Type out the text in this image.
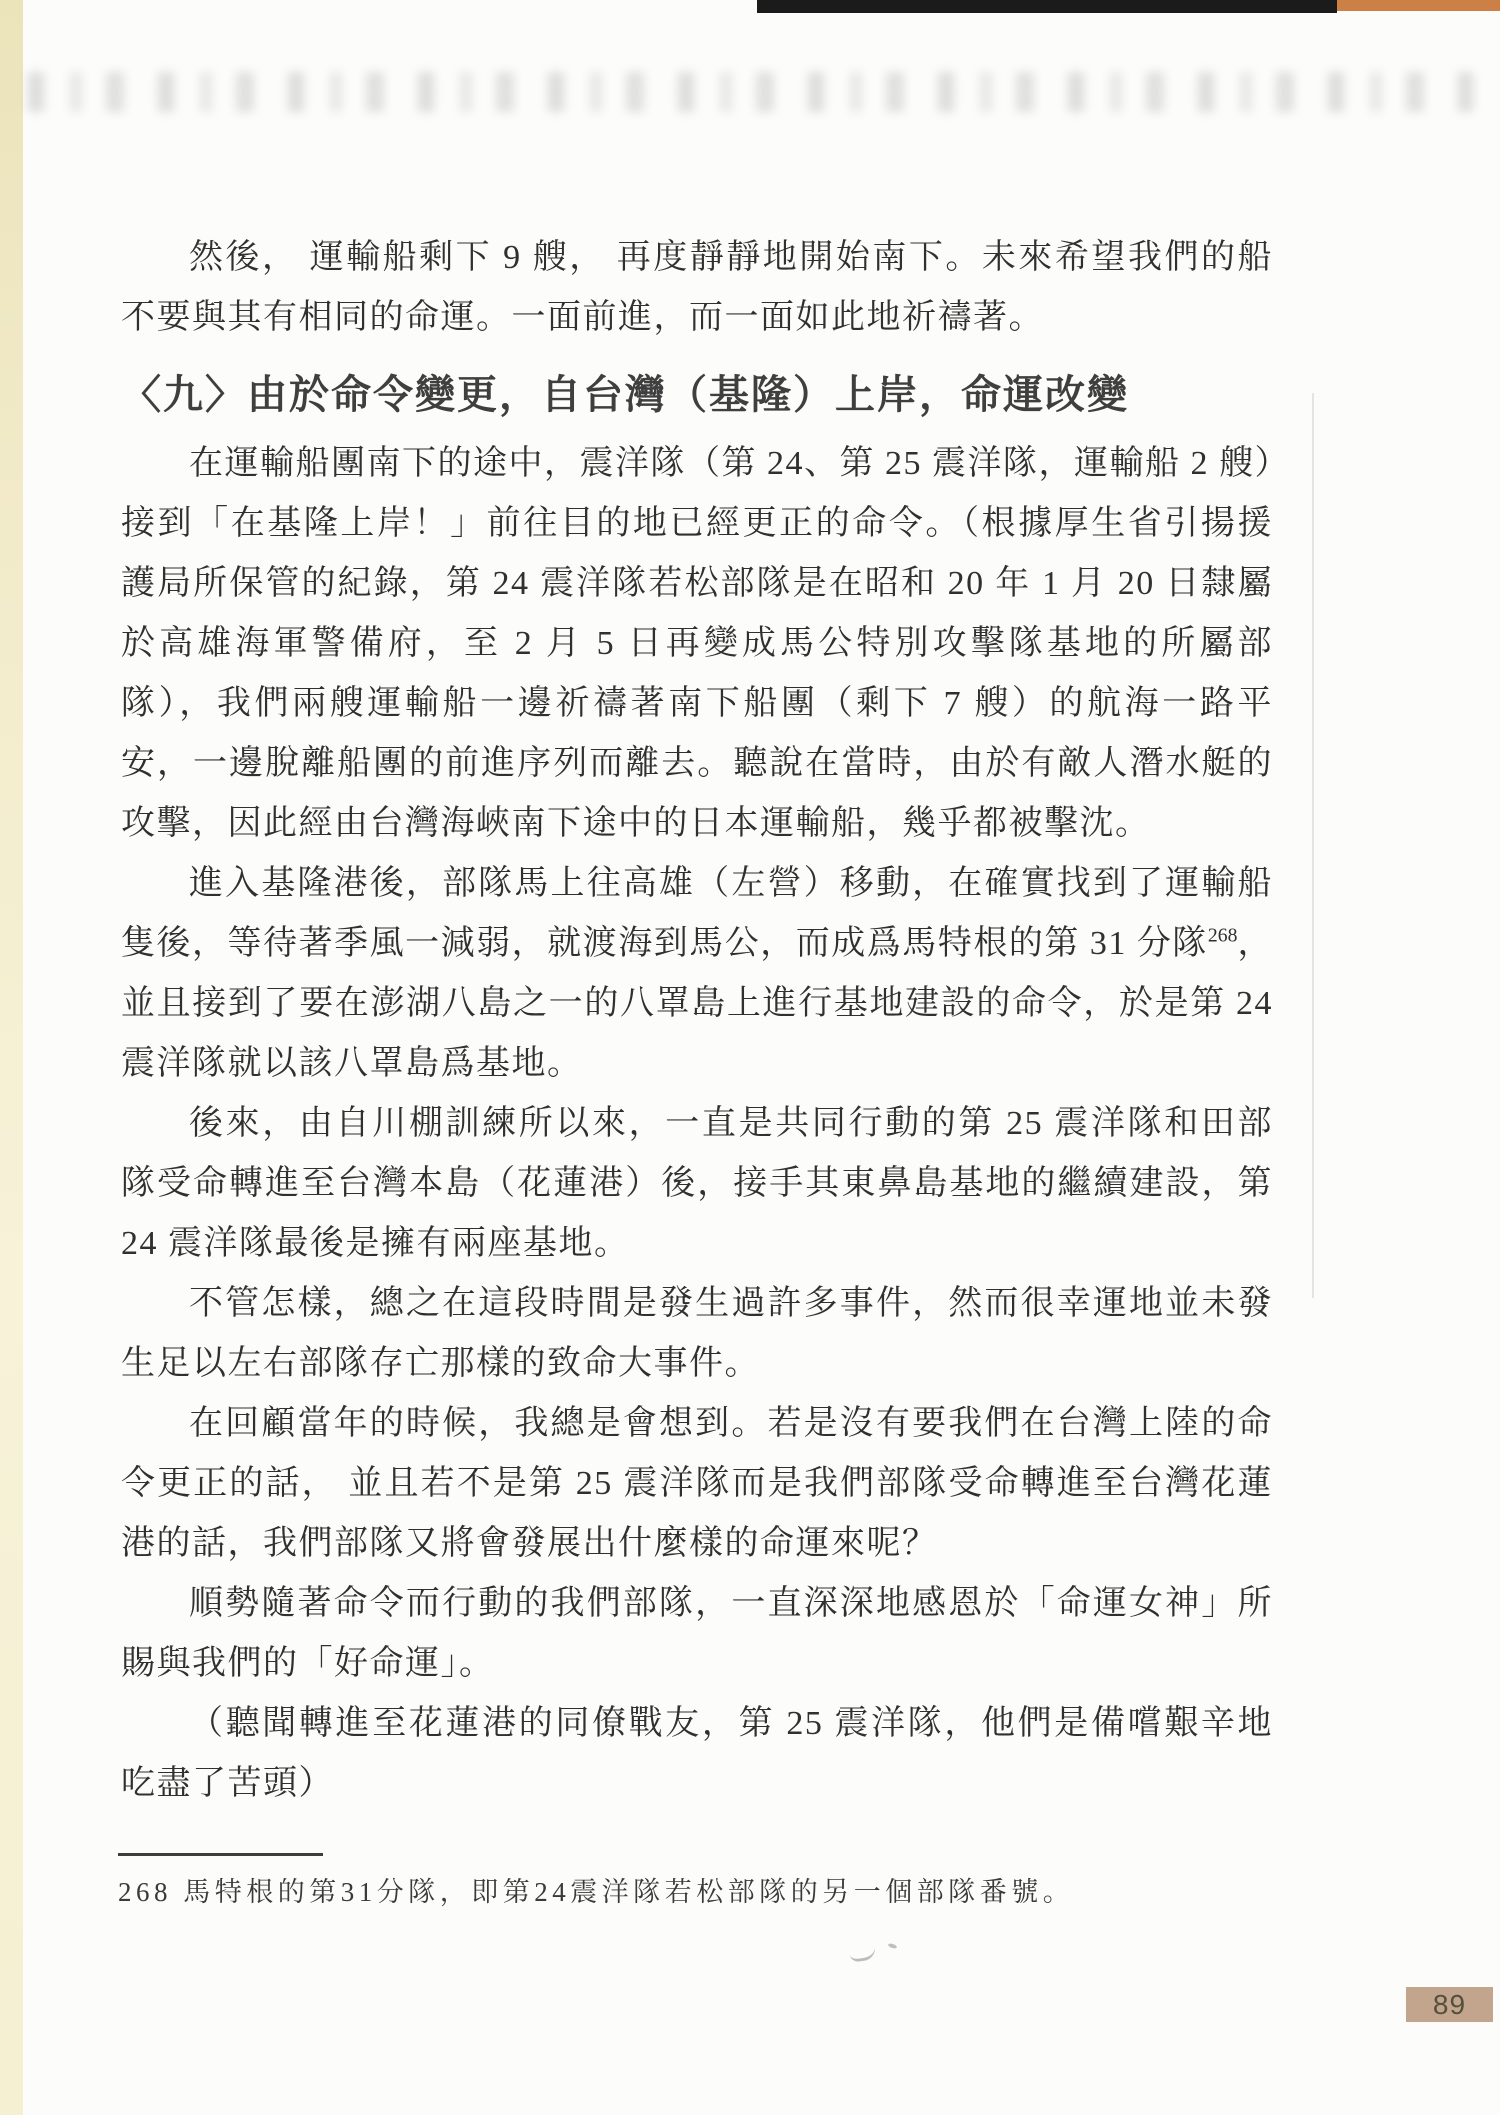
然後， 運輸船剩下 9 艘， 再度靜靜地開始南下。未來希望我們的船不要與其有相同的命運。一面前進，而一面如此地祈禱著。

〈九〉由於命令變更，自台灣（基隆）上岸，命運改變

在運輸船團南下的途中，震洋隊（第 24、第 25 震洋隊，運輸船 2 艘）接到「在基隆上岸！」前往目的地已經更正的命令。（根據厚生省引揚援護局所保管的紀錄，第 24 震洋隊若松部隊是在昭和 20 年 1 月 20 日隸屬於高雄海軍警備府，至 2 月 5 日再變成馬公特別攻擊隊基地的所屬部隊），我們兩艘運輸船一邊祈禱著南下船團（剩下 7 艘）的航海一路平安，一邊脫離船團的前進序列而離去。聽說在當時，由於有敵人潛水艇的攻擊，因此經由台灣海峽南下途中的日本運輸船，幾乎都被擊沈。

進入基隆港後，部隊馬上往高雄（左營）移動，在確實找到了運輸船隻後，等待著季風一減弱，就渡海到馬公，而成爲馬特根的第 31 分隊$^{268}$，並且接到了要在澎湖八島之一的八罩島上進行基地建設的命令，於是第 24 震洋隊就以該八罩島爲基地。

後來，由自川棚訓練所以來，一直是共同行動的第 25 震洋隊和田部隊受命轉進至台灣本島（花蓮港）後，接手其東鼻島基地的繼續建設，第 24 震洋隊最後是擁有兩座基地。

不管怎樣，總之在這段時間是發生過許多事件，然而很幸運地並未發生足以左右部隊存亡那樣的致命大事件。

在回顧當年的時候，我總是會想到。若是沒有要我們在台灣上陸的命令更正的話， 並且若不是第 25 震洋隊而是我們部隊受命轉進至台灣花蓮港的話，我們部隊又將會發展出什麼樣的命運來呢？

順勢隨著命令而行動的我們部隊，一直深深地感恩於「命運女神」所賜與我們的「好命運」。

（聽聞轉進至花蓮港的同僚戰友，第 25 震洋隊，他們是備嚐艱辛地吃盡了苦頭）

268 馬特根的第31分隊，即第24震洋隊若松部隊的另一個部隊番號。
89
